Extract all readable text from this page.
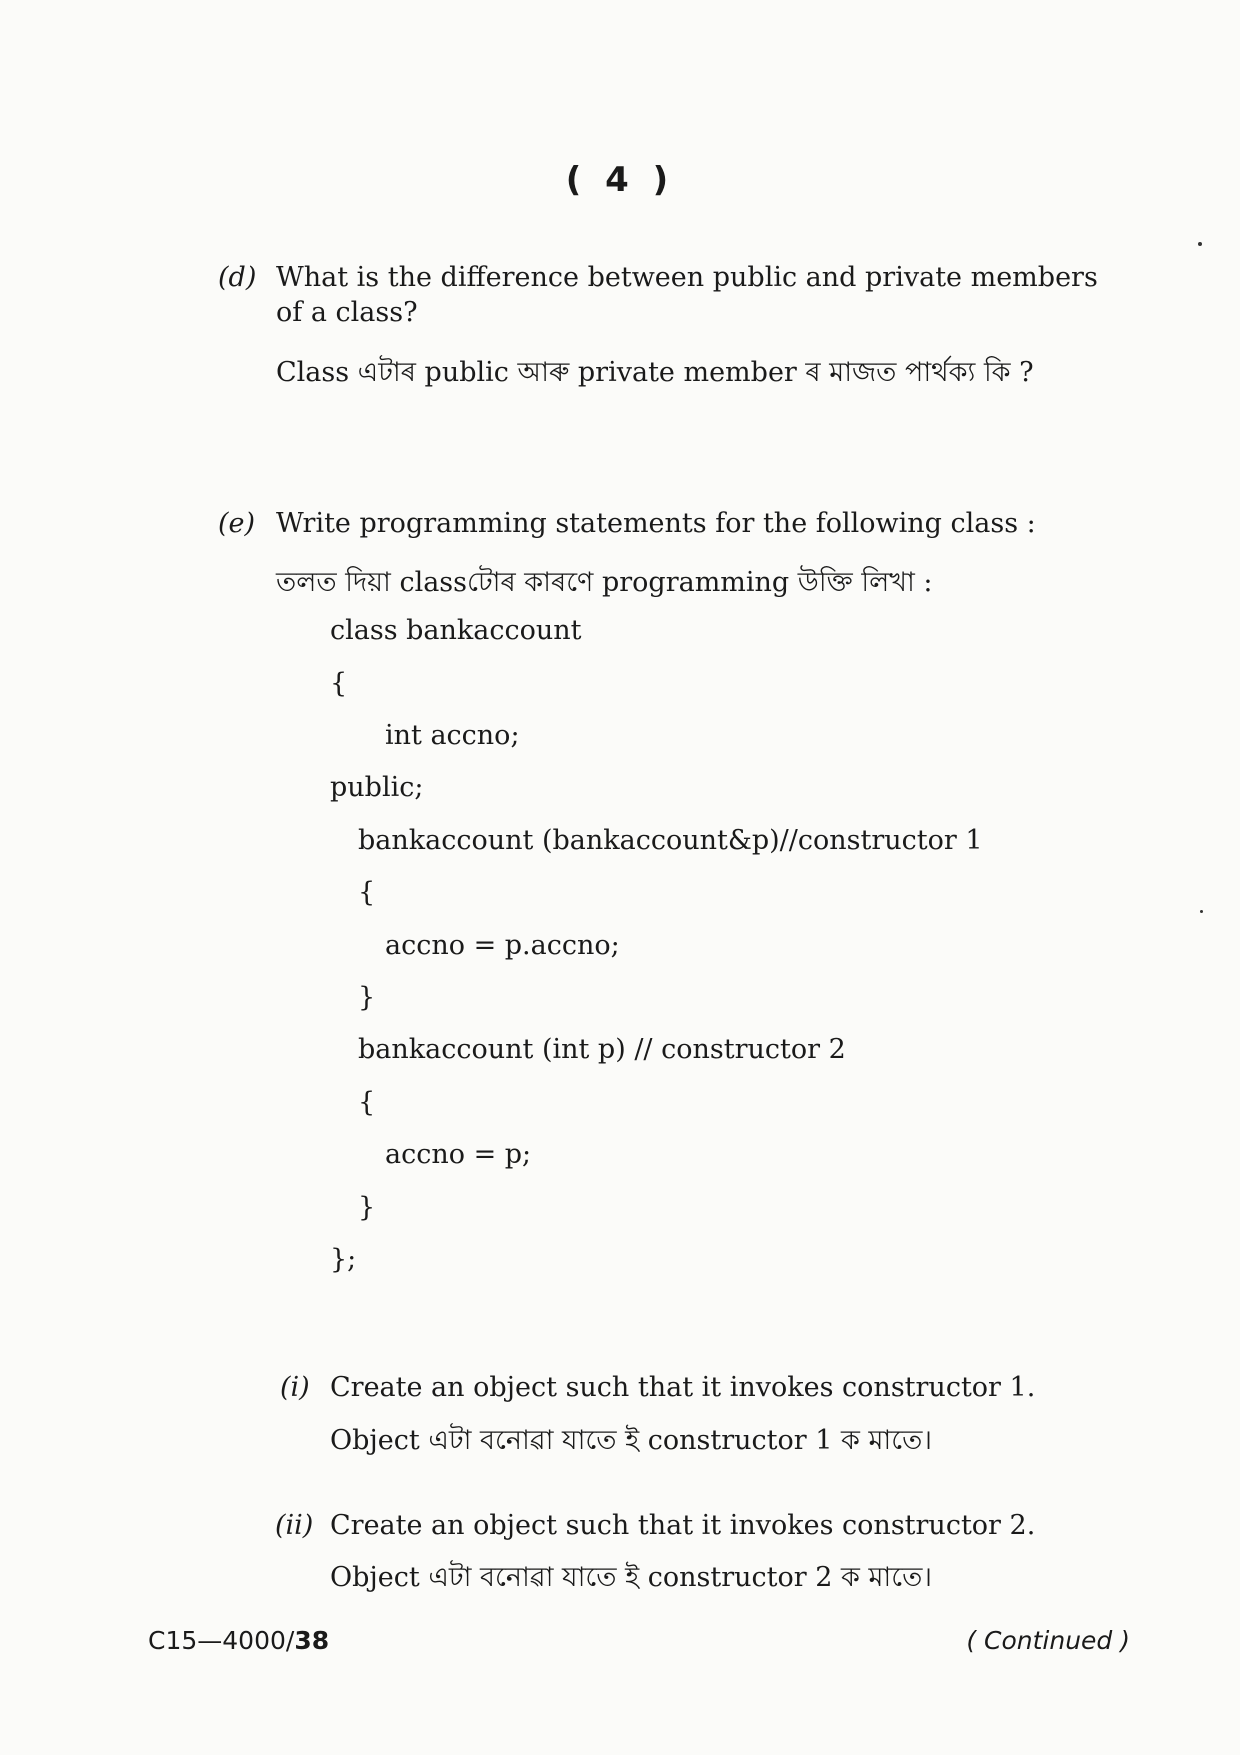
( 4 )
(d) What is the difference between public and private members
of a class?
Class এটাৰ public আৰু private member ৰ মাজত পাৰ্থক্য কি ?
(e) Write programming statements for the following class :
তলত দিয়া classটোৰ কাৰণে programming উক্তি লিখা :
class bankaccount
{
int accno;
public;
bankaccount (bankaccount&p)//constructor 1
{
accno = p.accno;
}
bankaccount (int p) // constructor 2
{
accno = p;
}
};
(i) Create an object such that it invokes constructor 1.
Object এটা বনোৱা যাতে ই constructor 1 ক মাতে।
(ii) Create an object such that it invokes constructor 2.
Object এটা বনোৱা যাতে ই constructor 2 ক মাতে।
C15—4000/38	( Continued )
